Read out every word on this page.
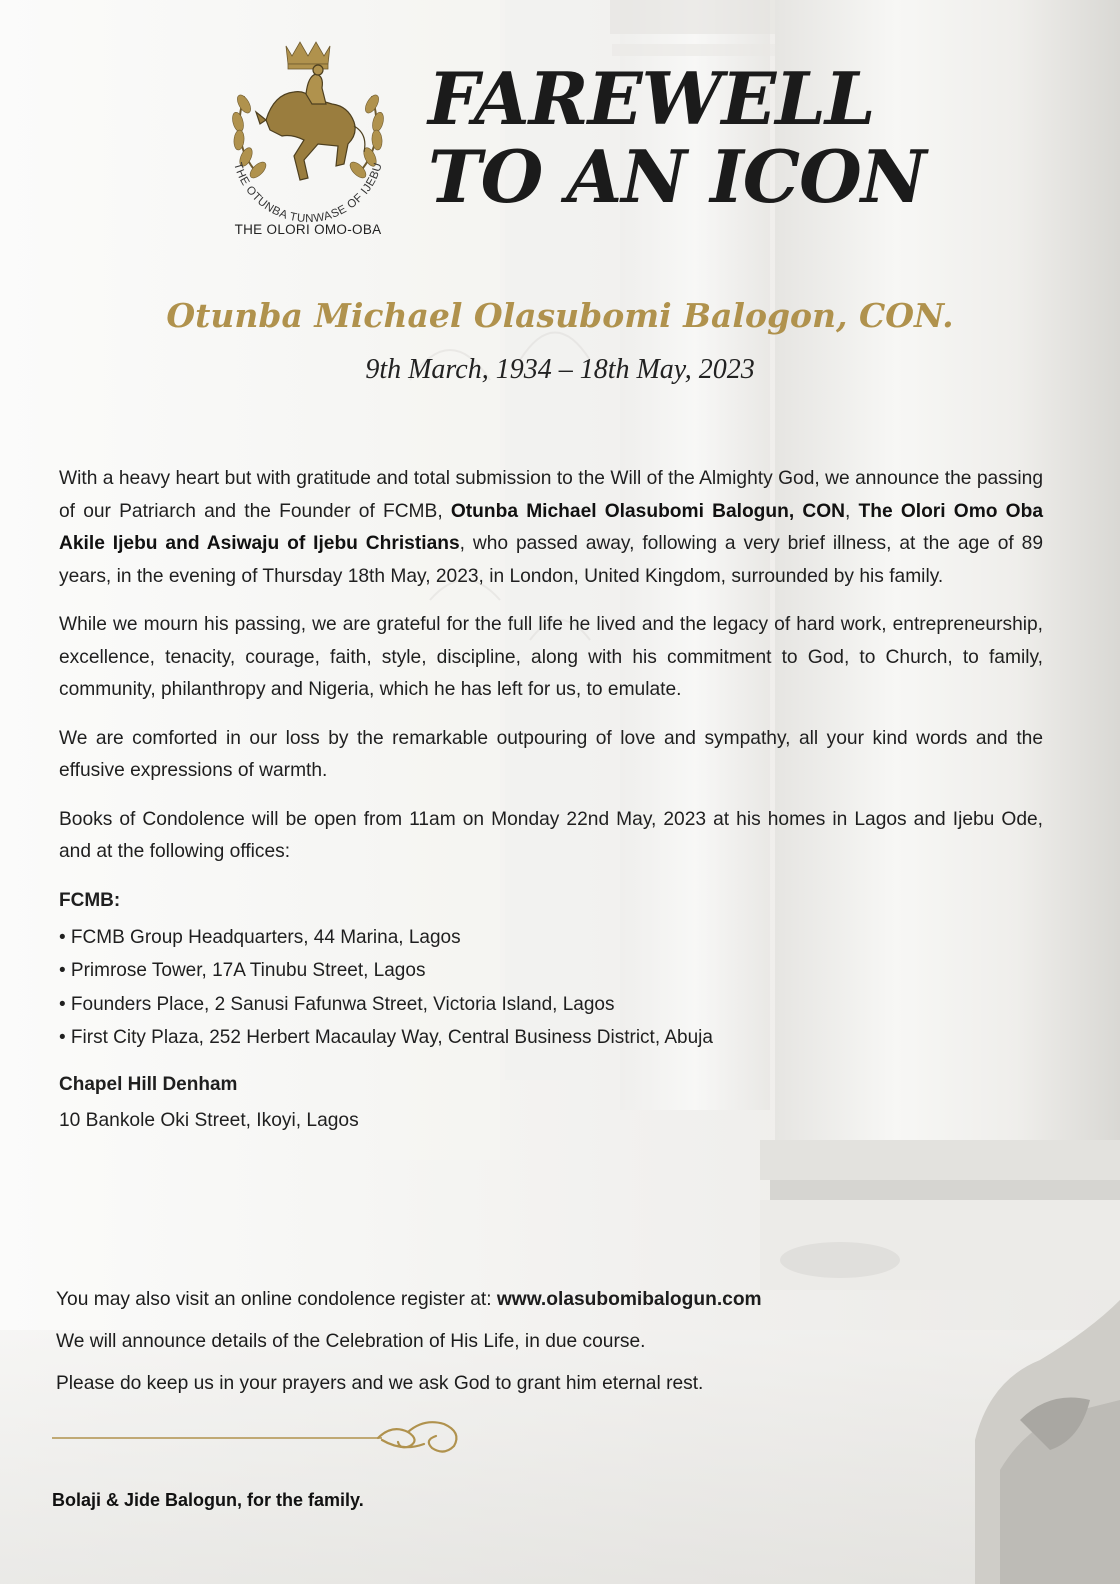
THE OTUNBA TUNWASE OF IJEBU
THE OLORI OMO-OBA
FAREWELL
TO AN ICON
Otunba Michael Olasubomi Balogon, CON.
9th March, 1934 – 18th May, 2023

With a heavy heart but with gratitude and total submission to the Will of the Almighty God, we announce the passing of our Patriarch and the Founder of FCMB, Otunba Michael Olasubomi Balogun, CON, The Olori Omo Oba Akile Ijebu and Asiwaju of Ijebu Christians, who passed away, following a very brief illness, at the age of 89 years, in the evening of Thursday 18th May, 2023, in London, United Kingdom, surrounded by his family.

While we mourn his passing, we are grateful for the full life he lived and the legacy of hard work, entrepreneurship, excellence, tenacity, courage, faith, style, discipline, along with his commitment to God, to Church, to family, community, philanthropy and Nigeria, which he has left for us, to emulate.

We are comforted in our loss by the remarkable outpouring of love and sympathy, all your kind words and the effusive expressions of warmth.

Books of Condolence will be open from 11am on Monday 22nd May, 2023 at his homes in Lagos and Ijebu Ode, and at the following offices:

FCMB:
• FCMB Group Headquarters, 44 Marina, Lagos
• Primrose Tower, 17A Tinubu Street, Lagos
• Founders Place, 2 Sanusi Fafunwa Street, Victoria Island, Lagos
• First City Plaza, 252 Herbert Macaulay Way, Central Business District, Abuja
Chapel Hill Denham
10 Bankole Oki Street, Ikoyi, Lagos

You may also visit an online condolence register at: www.olasubomibalogun.com

We will announce details of the Celebration of His Life, in due course.

Please do keep us in your prayers and we ask God to grant him eternal rest.

Bolaji & Jide Balogun, for the family.
